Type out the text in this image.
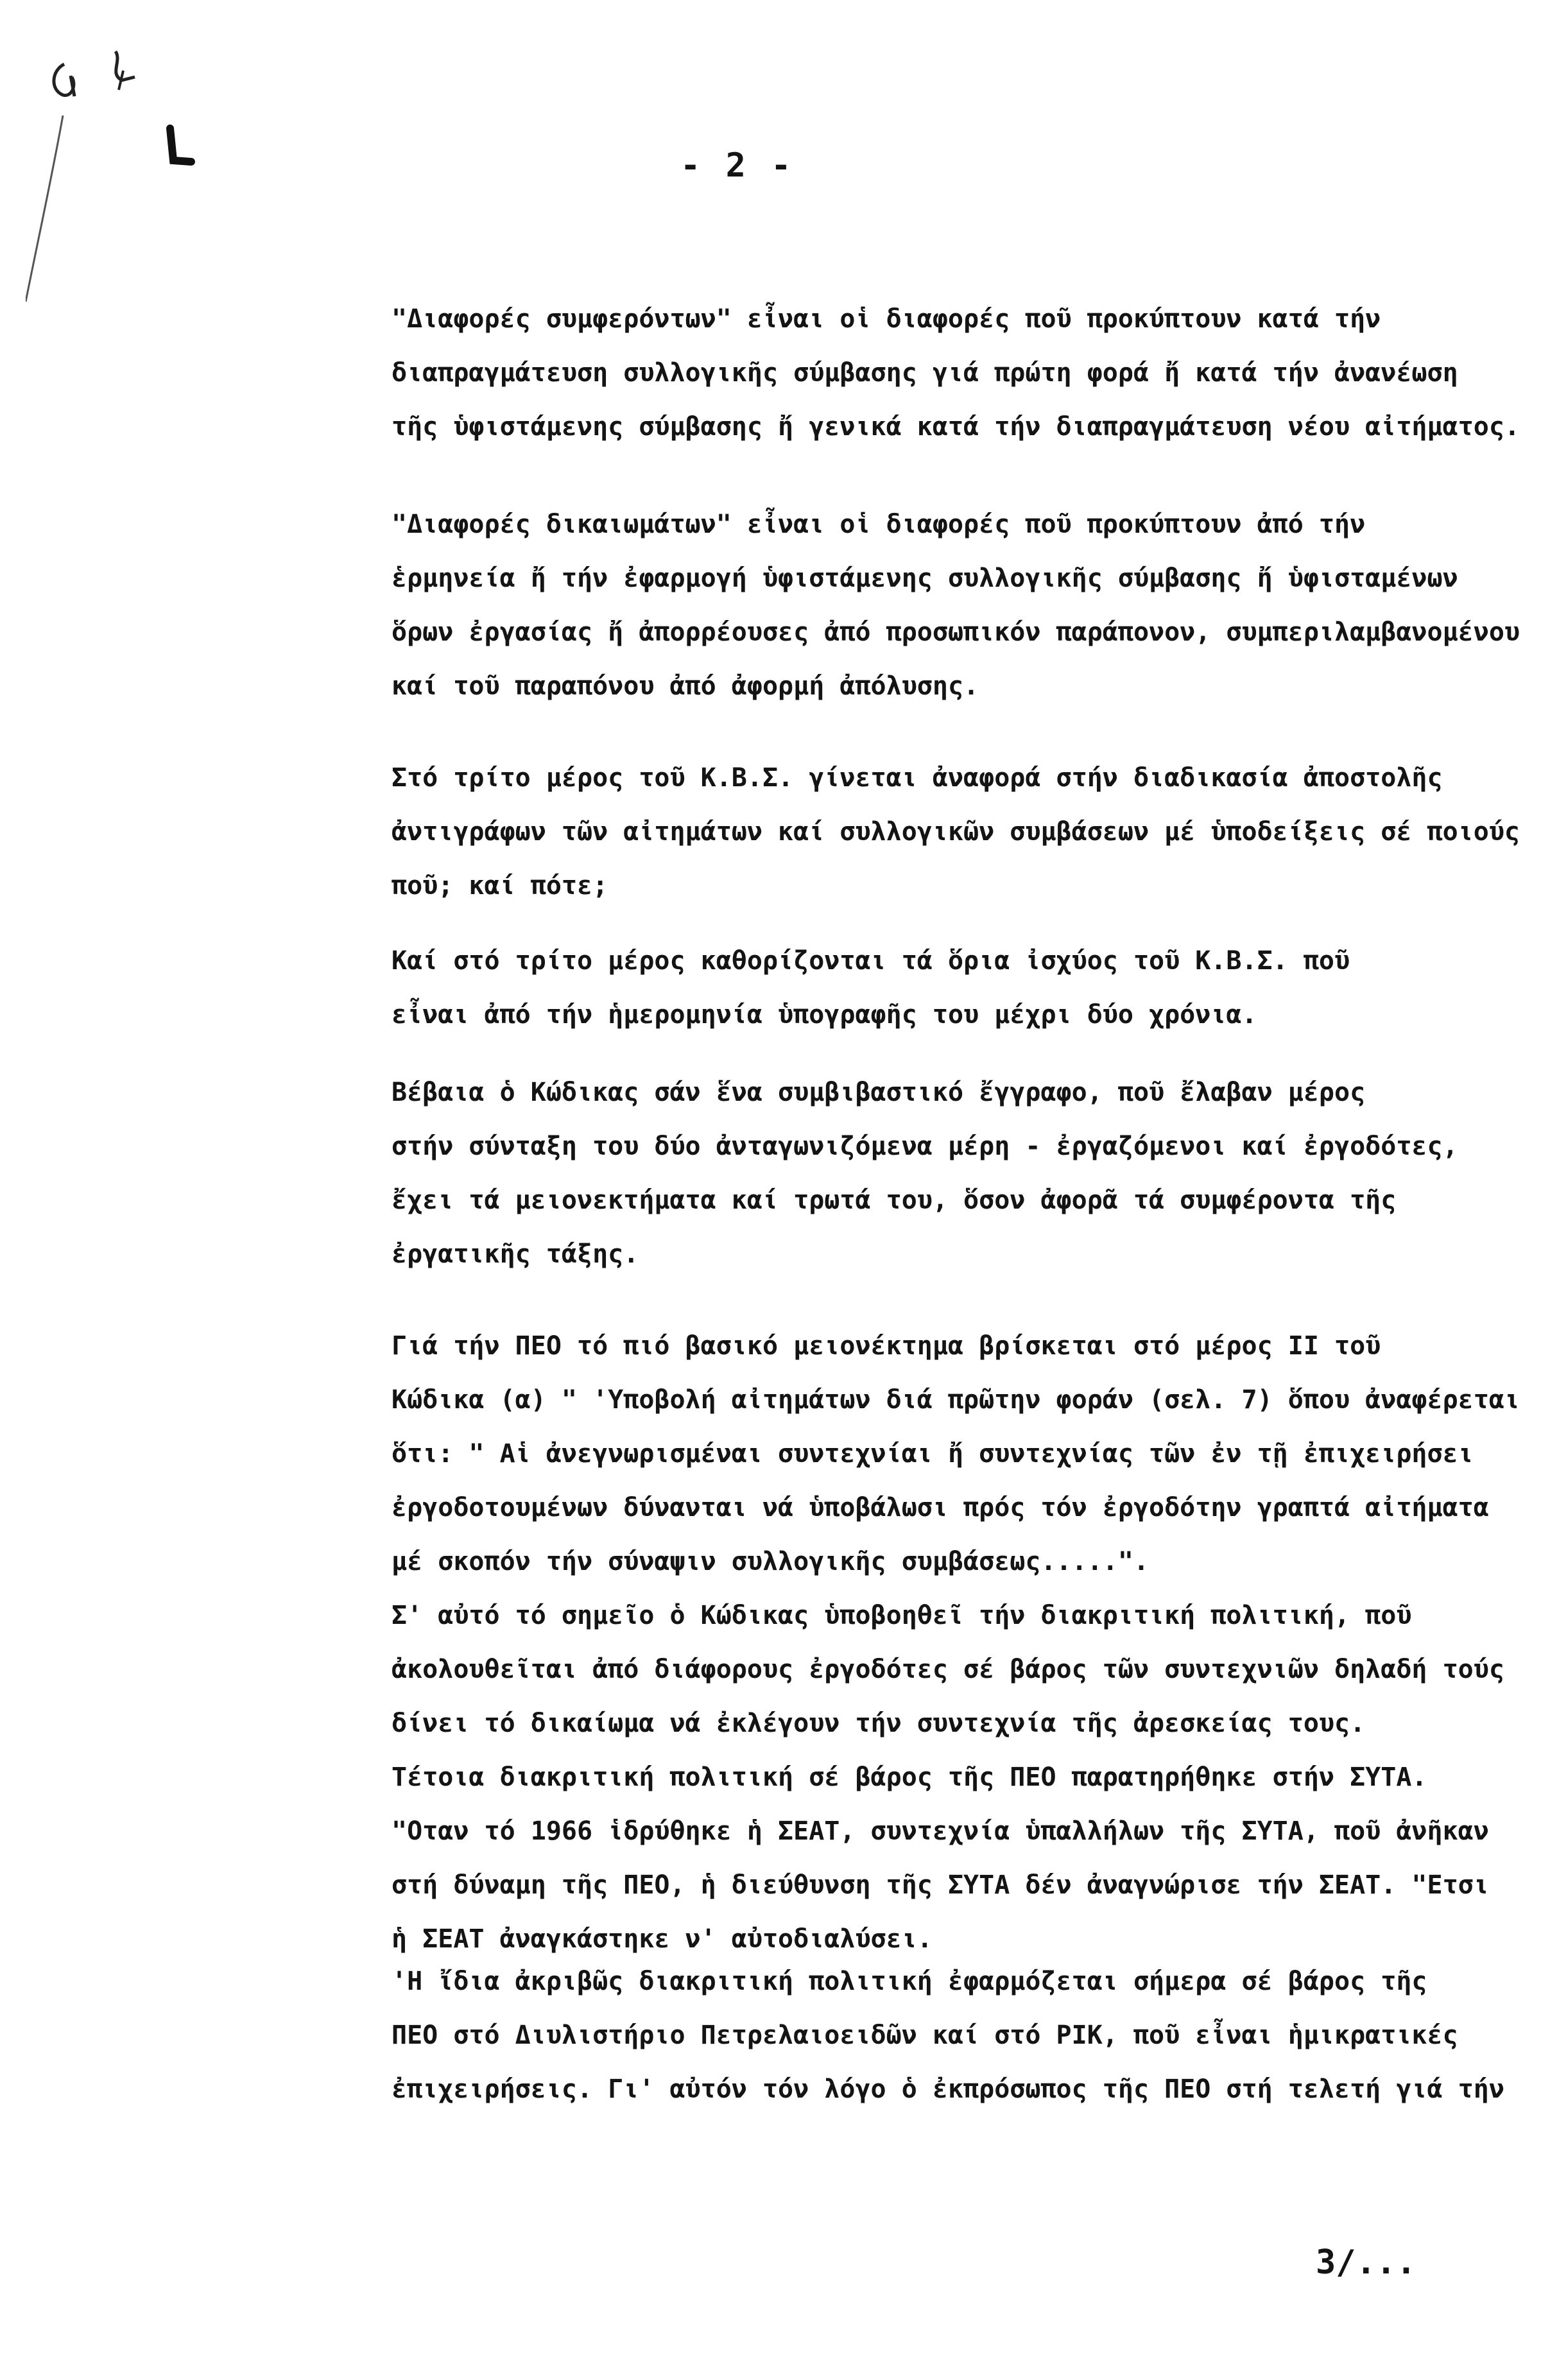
- 2 -
"Διαφορές συμφερόντων" εἶναι οἱ διαφορές ποῦ προκύπτουν κατά τήν
διαπραγμάτευση συλλογικῆς σύμβασης γιά πρώτη φορά ἤ κατά τήν ἀνανέωση
τῆς ὑφιστάμενης σύμβασης ἤ γενικά κατά τήν διαπραγμάτευση νέου αἰτήματος.
"Διαφορές δικαιωμάτων" εἶναι οἱ διαφορές ποῦ προκύπτουν ἀπό τήν
ἑρμηνεία ἤ τήν ἐφαρμογή ὑφιστάμενης συλλογικῆς σύμβασης ἤ ὑφισταμένων
ὅρων ἐργασίας ἤ ἀπορρέουσες ἀπό προσωπικόν παράπονον, συμπεριλαμβανομένου
καί τοῦ παραπόνου ἀπό ἀφορμή ἀπόλυσης.
Στό τρίτο μέρος τοῦ Κ.Β.Σ. γίνεται ἀναφορά στήν διαδικασία ἀποστολῆς
ἀντιγράφων τῶν αἰτημάτων καί συλλογικῶν συμβάσεων μέ ὑποδείξεις σέ ποιούς
ποῦ; καί πότε;
Καί στό τρίτο μέρος καθορίζονται τά ὅρια ἰσχύος τοῦ Κ.Β.Σ. ποῦ
εἶναι ἀπό τήν ἡμερομηνία ὑπογραφῆς του μέχρι δύο χρόνια.
Βέβαια ὁ Κώδικας σάν ἕνα συμβιβαστικό ἔγγραφο, ποῦ ἔλαβαν μέρος
στήν σύνταξη του δύο ἀνταγωνιζόμενα μέρη - ἐργαζόμενοι καί ἐργοδότες,
ἔχει τά μειονεκτήματα καί τρωτά του, ὅσον ἀφορᾶ τά συμφέροντα τῆς
ἐργατικῆς τάξης.
Γιά τήν ΠΕΟ τό πιό βασικό μειονέκτημα βρίσκεται στό μέρος ΙΙ τοῦ
Κώδικα (α) " 'Υποβολή αἰτημάτων διά πρῶτην φοράν (σελ. 7) ὅπου ἀναφέρεται
ὅτι: " Αἱ ἀνεγνωρισμέναι συντεχνίαι ἤ συντεχνίας τῶν ἐν τῇ ἐπιχειρήσει
ἐργοδοτουμένων δύνανται νά ὑποβάλωσι πρός τόν ἐργοδότην γραπτά αἰτήματα
μέ σκοπόν τήν σύναψιν συλλογικῆς συμβάσεως.....".
Σ' αὐτό τό σημεῖο ὁ Κώδικας ὑποβοηθεῖ τήν διακριτική πολιτική, ποῦ
ἀκολουθεῖται ἀπό διάφορους ἐργοδότες σέ βάρος τῶν συντεχνιῶν δηλαδή τούς
δίνει τό δικαίωμα νά ἐκλέγουν τήν συντεχνία τῆς ἀρεσκείας τους.
Τέτοια διακριτική πολιτική σέ βάρος τῆς ΠΕΟ παρατηρήθηκε στήν ΣΥΤΑ.
"Οταν τό 1966 ἱδρύθηκε ἡ ΣΕΑΤ, συντεχνία ὑπαλλήλων τῆς ΣΥΤΑ, ποῦ ἀνῆκαν
στή δύναμη τῆς ΠΕΟ, ἡ διεύθυνση τῆς ΣΥΤΑ δέν ἀναγνώρισε τήν ΣΕΑΤ. "Ετσι
ἡ ΣΕΑΤ ἀναγκάστηκε ν' αὐτοδιαλύσει.
'Η ἴδια ἀκριβῶς διακριτική πολιτική ἐφαρμόζεται σήμερα σέ βάρος τῆς
ΠΕΟ στό Διυλιστήριο Πετρελαιοειδῶν καί στό ΡΙΚ, ποῦ εἶναι ἡμικρατικές
ἐπιχειρήσεις. Γι' αὐτόν τόν λόγο ὁ ἐκπρόσωπος τῆς ΠΕΟ στή τελετή γιά τήν
3/...
